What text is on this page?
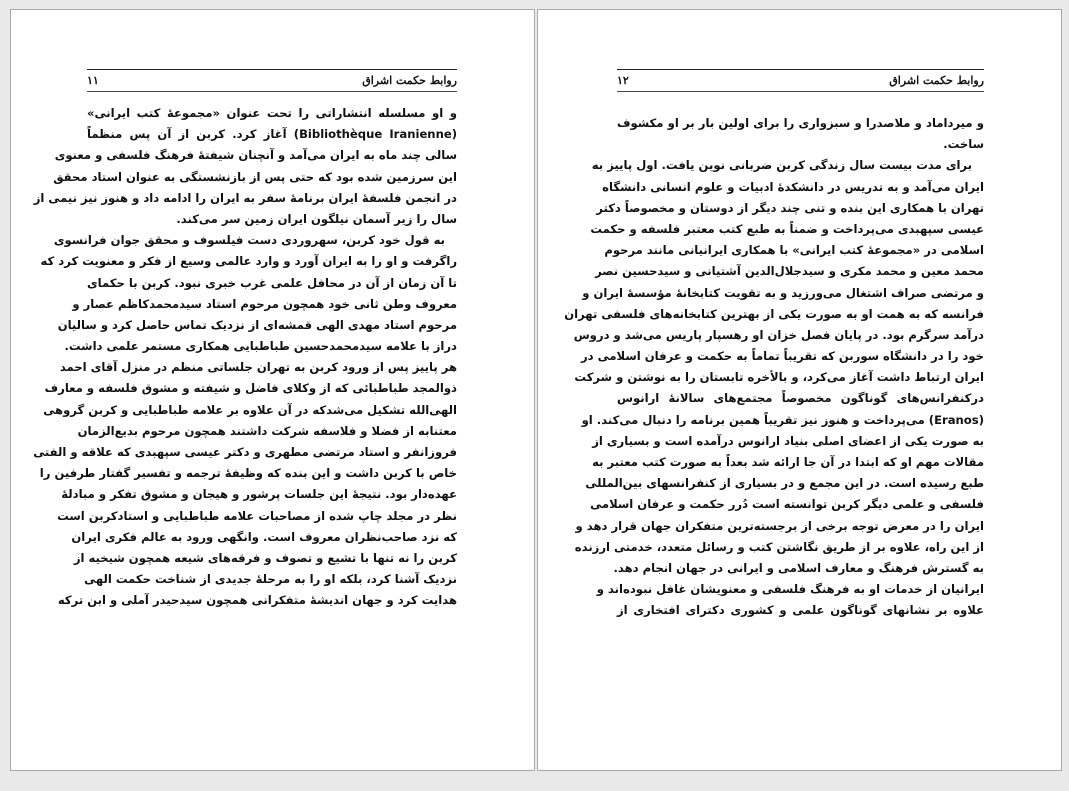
روابط حکمت اشراق
۱۱
و او مسلسله انتشاراتی را تحت عنوان «مجموعهٔ کتب ایرانی»
(Bibliothèque Iranienne) آغاز کرد. کربن از آن پس منظماً
سالی چند ماه به ایران می‌آمد و آنچنان شیفتهٔ فرهنگ فلسفی و معنوی
این سرزمین شده بود که حتی پس از بازنشستگی به عنوان استاد محقق
در انجمن فلسفهٔ ایران برنامهٔ سفر به ایران را ادامه داد و هنوز نیز نیمی از
سال را زیر آسمان نیلگون ایران زمین سر می‌کند.
به قول خود کربن، سهروردی دست فیلسوف و محقق جوان فرانسوی
راگرفت و او را به ایران آورد و وارد عالمی وسیع از فکر و معنویت کرد که
تا آن زمان از آن در محافل علمی غرب خبری نبود. کربن با حکمای
معروف وطن ثانی خود همچون مرحوم استاد سیدمحمدکاظم عصار و
مرحوم استاد مهدی الهی قمشه‌ای از نزدیک تماس حاصل کرد و سالیان
دراز با علامه سیدمحمدحسین طباطبایی همکاری مستمر علمی داشت.
هر پاییز پس از ورود کربن به تهران جلساتی منظم در منزل آقای احمد
ذوالمجد طباطبائی که از وکلای فاضل و شیفته و مشوق فلسفه و معارف
الهی‌الله تشکیل می‌شدکه در آن علاوه بر علامه طباطبایی و کربن گروهی
معتنابه از فضلا و فلاسفه شرکت داشتند همچون مرحوم بدیع‌الزمان
فروزانفر و استاد مرتضی مطهری و دکتر عیسی سپهبدی که علاقه و الفتی
خاص با کربن داشت و این بنده که وظیفهٔ ترجمه و تفسیر گفتار طرفین را
عهده‌دار بود. نتیجهٔ این جلسات پرشور و هیجان و مشوق تفکر و مبادلهٔ
نظر در مجلد چاپ شده از مصاحبات علامه طباطبایی و استادکربن است
که نزد صاحب‌نظران معروف است. وانگهی ورود به عالم فکری ایران
کربن را نه تنها با تشیع و تصوف و فرقه‌های شیعه همچون شیخیه از
نزدیک آشنا کرد، بلکه او را به مرحلهٔ جدیدی از شناخت حکمت الهی
هدایت کرد و جهان اندیشهٔ متفکرانی همچون سیدحیدر آملی و ابن ترکه
روابط حکمت اشراق
۱۲
و میرداماد و ملاصدرا و سبزواری را برای اولین بار بر او مکشوف
ساخت.
برای مدت بیست سال زندگی کربن ضربانی نوین یافت. اول پاییز به
ایران می‌آمد و به تدریس در دانشکدهٔ ادبیات و علوم انسانی دانشگاه
تهران با همکاری این بنده و تنی چند دیگر از دوستان و مخصوصاً دکتر
عیسی سپهبدی می‌پرداخت و ضمناً به طبع کتب معتبر فلسفه و حکمت
اسلامی در «مجموعهٔ کتب ایرانی» با همکاری ایرانیانی مانند مرحوم
محمد معین و محمد مکری و سیدجلال‌الدین آشتیانی و سیدحسین نصر
و مرتضی صراف اشتغال می‌ورزید و به تقویت کتابخانهٔ مؤسسهٔ ایران و
فرانسه که به همت او به صورت یکی از بهترین کتابخانه‌های فلسفی تهران
درآمد سرگرم بود. در پایان فصل خزان او رهسپار پاریس می‌شد و دروس
خود را در دانشگاه سوربن که تقریباً تماماً به حکمت و عرفان اسلامی در
ایران ارتباط داشت آغاز می‌کرد، و بالأخره تابستان را به نوشتن و شرکت
درکنفرانس‌های گوناگون مخصوصاً مجتمع‌های سالانهٔ ارانوس
(Eranos) می‌پرداخت و هنوز نیز تقریباً همین برنامه را دنبال می‌کند. او
به صورت یکی از اعضای اصلی بنیاد ارانوس درآمده است و بسیاری از
مقالات مهم او که ابتدا در آن جا ارائه شد بعداً به صورت کتب معتبر به
طبع رسیده است. در این مجمع و در بسیاری از کنفرانسهای بین‌المللی
فلسفی و علمی دیگر کربن توانسته است دُرر حکمت و عرفان اسلامی
ایران را در معرض توجه برخی از برجسته‌ترین متفکران جهان قرار دهد و
از این راه، علاوه بر از طریق نگاشتن کتب و رسائل متعدد، خدمتی ارزنده
به گسترش فرهنگ و معارف اسلامی و ایرانی در جهان انجام دهد.
ایرانیان از خدمات او به فرهنگ فلسفی و معنویشان غافل نبوده‌اند و
علاوه بر نشانهای گوناگون علمی و کشوری دکترای افتخاری از
